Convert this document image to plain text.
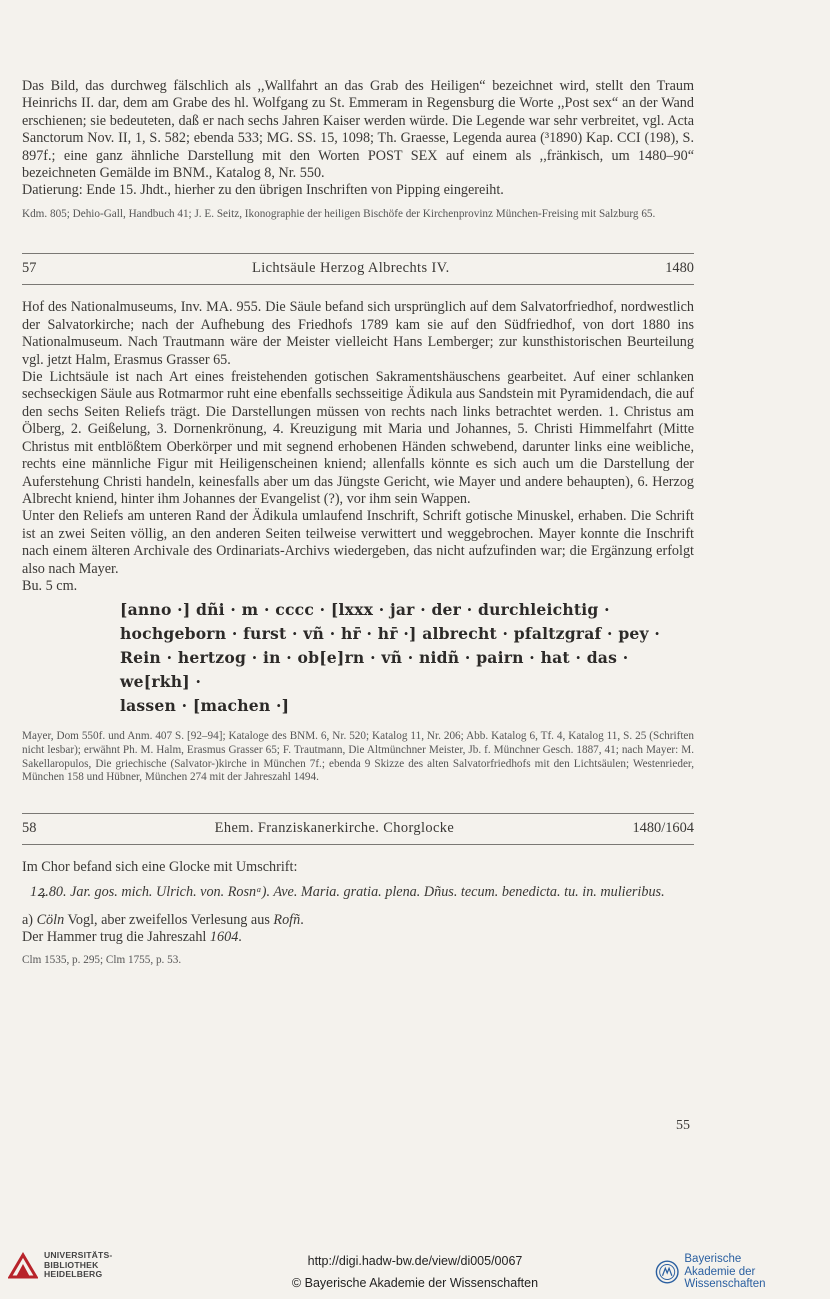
Das Bild, das durchweg fälschlich als ,,Wallfahrt an das Grab des Heiligen“ bezeichnet wird, stellt den Traum Heinrichs II. dar, dem am Grabe des hl. Wolfgang zu St. Emmeram in Regensburg die Worte ,,Post sex“ an der Wand erschienen; sie bedeuteten, daß er nach sechs Jahren Kaiser werden würde. Die Legende war sehr verbreitet, vgl. Acta Sanctorum Nov. II, 1, S. 582; ebenda 533; MG. SS. 15, 1098; Th. Graesse, Legenda aurea (³1890) Kap. CCI (198), S. 897f.; eine ganz ähnliche Darstellung mit den Worten POST SEX auf einem als ,,fränkisch, um 1480–90“ bezeichneten Gemälde im BNM., Katalog 8, Nr. 550.

Datierung: Ende 15. Jhdt., hierher zu den übrigen Inschriften von Pipping eingereiht.

Kdm. 805; Dehio-Gall, Handbuch 41; J. E. Seitz, Ikonographie der heiligen Bischöfe der Kirchenprovinz München-Freising mit Salzburg 65.

57	Lichtsäule Herzog Albrechts IV.	1480

Hof des Nationalmuseums, Inv. MA. 955. Die Säule befand sich ursprünglich auf dem Salvatorfriedhof, nordwestlich der Salvatorkirche; nach der Aufhebung des Friedhofs 1789 kam sie auf den Südfriedhof, von dort 1880 ins Nationalmuseum. Nach Trautmann wäre der Meister vielleicht Hans Lemberger; zur kunsthistorischen Beurteilung vgl. jetzt Halm, Erasmus Grasser 65.

Die Lichtsäule ist nach Art eines freistehenden gotischen Sakramentshäuschens gearbeitet. Auf einer schlanken sechseckigen Säule aus Rotmarmor ruht eine ebenfalls sechsseitige Ädikula aus Sandstein mit Pyramidendach, die auf den sechs Seiten Reliefs trägt. Die Darstellungen müssen von rechts nach links betrachtet werden. 1. Christus am Ölberg, 2. Geißelung, 3. Dornenkrönung, 4. Kreuzigung mit Maria und Johannes, 5. Christi Himmelfahrt (Mitte Christus mit entblößtem Oberkörper und mit segnend erhobenen Händen schwebend, darunter links eine weibliche, rechts eine männliche Figur mit Heiligenscheinen kniend; allenfalls könnte es sich auch um die Darstellung der Auferstehung Christi handeln, keinesfalls aber um das Jüngste Gericht, wie Mayer und andere behaupten), 6. Herzog Albrecht kniend, hinter ihm Johannes der Evangelist (?), vor ihm sein Wappen.

Unter den Reliefs am unteren Rand der Ädikula umlaufend Inschrift, Schrift gotische Minuskel, erhaben. Die Schrift ist an zwei Seiten völlig, an den anderen Seiten teilweise verwittert und weggebrochen. Mayer konnte die Inschrift nach einem älteren Archivale des Ordinariats-Archivs wiedergeben, das nicht aufzufinden war; die Ergänzung erfolgt also nach Mayer.

Bu. 5 cm.

[anno ·] dñi · m · cccc · [lxxx · jar · der · durchleichtig ·

hochgeborn · furst · vñ · hr̄ · hr̄ ·] albrecht · pfaltzgraf · pey ·

Rein · hertzog · in · ob[e]rn · vñ · nidñ · pairn · hat · das · we[rkh] ·

lassen · [machen ·]

Mayer, Dom 550f. und Anm. 407 S. [92–94]; Kataloge des BNM. 6, Nr. 520; Katalog 11, Nr. 206; Abb. Katalog 6, Tf. 4, Katalog 11, S. 25 (Schriften nicht lesbar); erwähnt Ph. M. Halm, Erasmus Grasser 65; F. Trautmann, Die Altmünchner Meister, Jb. f. Münchner Gesch. 1887, 41; nach Mayer: M. Sakellaropulos, Die griechische (Salvator-)kirche in München 7f.; ebenda 9 Skizze des alten Salvatorfriedhofs mit den Lichtsäulen; Westenrieder, München 158 und Hübner, München 274 mit der Jahreszahl 1494.

58	Ehem. Franziskanerkirche. Chorglocke	1480/1604

Im Chor befand sich eine Glocke mit Umschrift:

1ꝝ.80. Jar. gos. mich. Ulrich. von. Rosnᵃ). Ave. Maria. gratia. plena. Dñus. tecum. benedicta. tu. in. mulieribus.

a) Cöln Vogl, aber zweifellos Verlesung aus Rofñ.

Der Hammer trug die Jahreszahl 1604.

Clm 1535, p. 295; Clm 1755, p. 53.

55
UNIVERSITÄTS-
BIBLIOTHEK
HEIDELBERG
http://digi.hadw-bw.de/view/di005/0067
© Bayerische Akademie der Wissenschaften
Bayerische
Akademie der Wissenschaften
